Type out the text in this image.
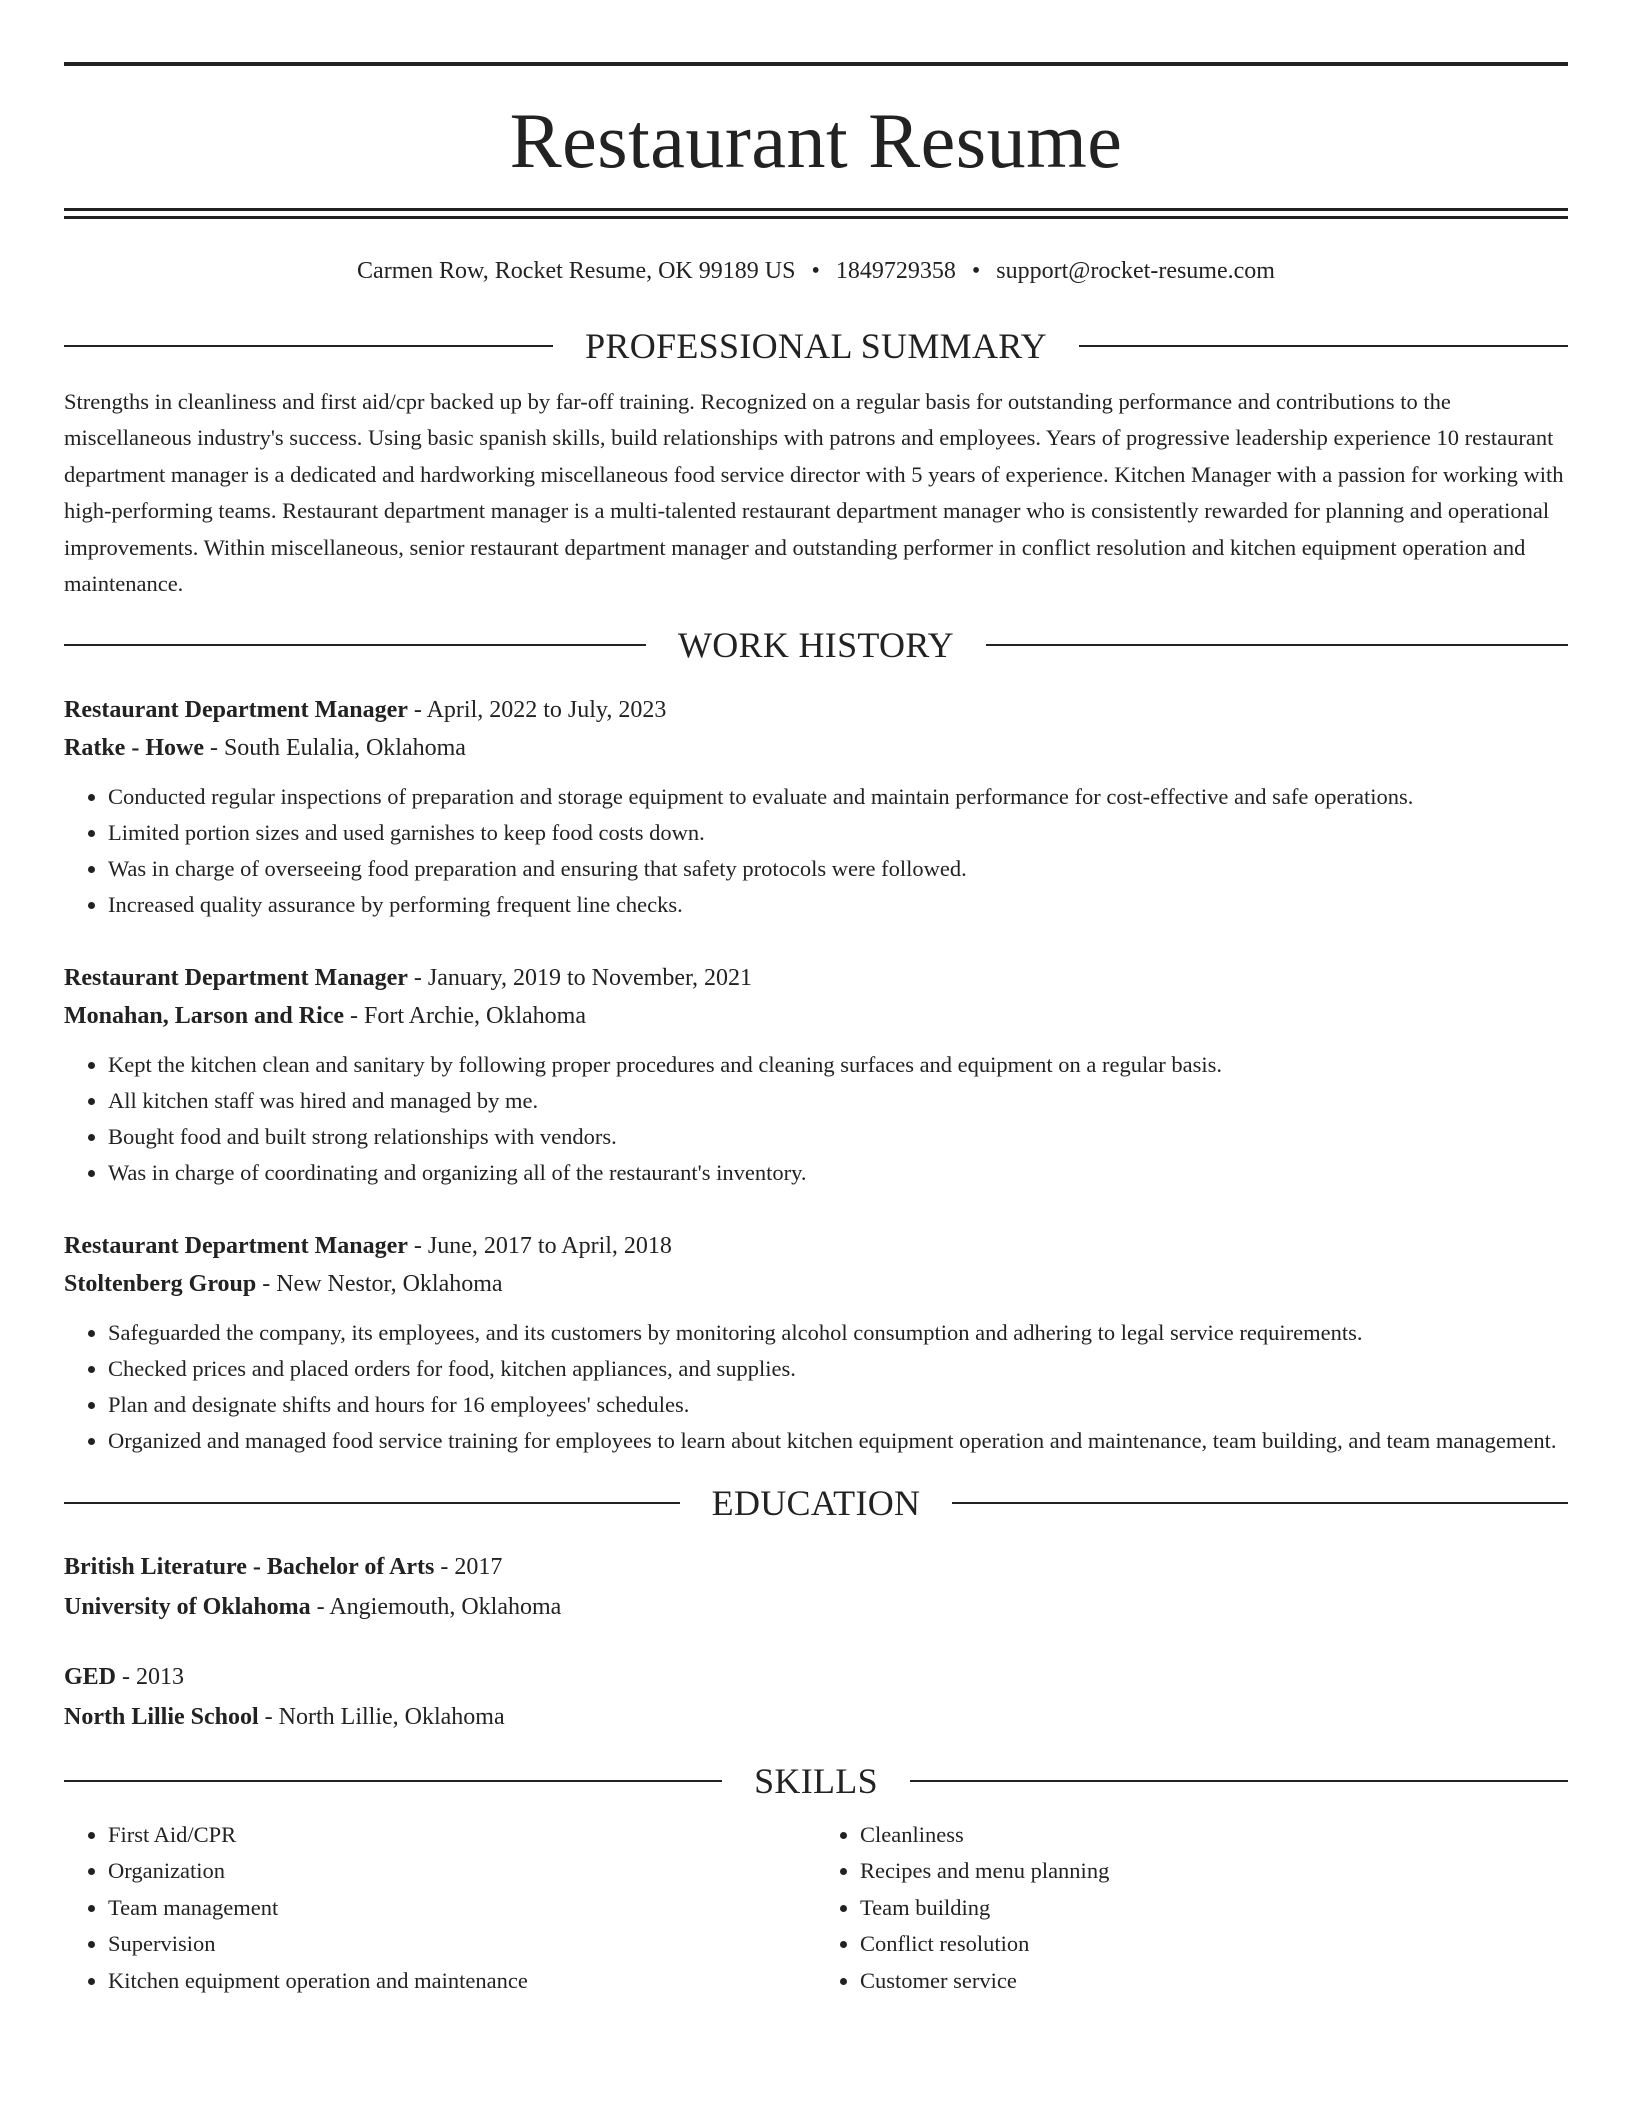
Restaurant Resume
Carmen Row, Rocket Resume, OK 99189 US • 1849729358 • support@rocket-resume.com
PROFESSIONAL SUMMARY

Strengths in cleanliness and first aid/cpr backed up by far-off training. Recognized on a regular basis for outstanding performance and contributions to the miscellaneous industry's success. Using basic spanish skills, build relationships with patrons and employees. Years of progressive leadership experience 10 restaurant department manager is a dedicated and hardworking miscellaneous food service director with 5 years of experience. Kitchen Manager with a passion for working with high-performing teams. Restaurant department manager is a multi-talented restaurant department manager who is consistently rewarded for planning and operational improvements. Within miscellaneous, senior restaurant department manager and outstanding performer in conflict resolution and kitchen equipment operation and maintenance.

WORK HISTORY
Restaurant Department Manager - April, 2022 to July, 2023
Ratke - Howe - South Eulalia, Oklahoma
• Conducted regular inspections of preparation and storage equipment to evaluate and maintain performance for cost-effective and safe operations.
• Limited portion sizes and used garnishes to keep food costs down.
• Was in charge of overseeing food preparation and ensuring that safety protocols were followed.
• Increased quality assurance by performing frequent line checks.
Restaurant Department Manager - January, 2019 to November, 2021
Monahan, Larson and Rice - Fort Archie, Oklahoma
• Kept the kitchen clean and sanitary by following proper procedures and cleaning surfaces and equipment on a regular basis.
• All kitchen staff was hired and managed by me.
• Bought food and built strong relationships with vendors.
• Was in charge of coordinating and organizing all of the restaurant's inventory.
Restaurant Department Manager - June, 2017 to April, 2018
Stoltenberg Group - New Nestor, Oklahoma
• Safeguarded the company, its employees, and its customers by monitoring alcohol consumption and adhering to legal service requirements.
• Checked prices and placed orders for food, kitchen appliances, and supplies.
• Plan and designate shifts and hours for 16 employees' schedules.
• Organized and managed food service training for employees to learn about kitchen equipment operation and maintenance, team building, and team management.
EDUCATION
British Literature - Bachelor of Arts - 2017
University of Oklahoma - Angiemouth, Oklahoma
GED - 2013
North Lillie School - North Lillie, Oklahoma
SKILLS
• First Aid/CPR
• Organization
• Team management
• Supervision
• Kitchen equipment operation and maintenance
• Cleanliness
• Recipes and menu planning
• Team building
• Conflict resolution
• Customer service
